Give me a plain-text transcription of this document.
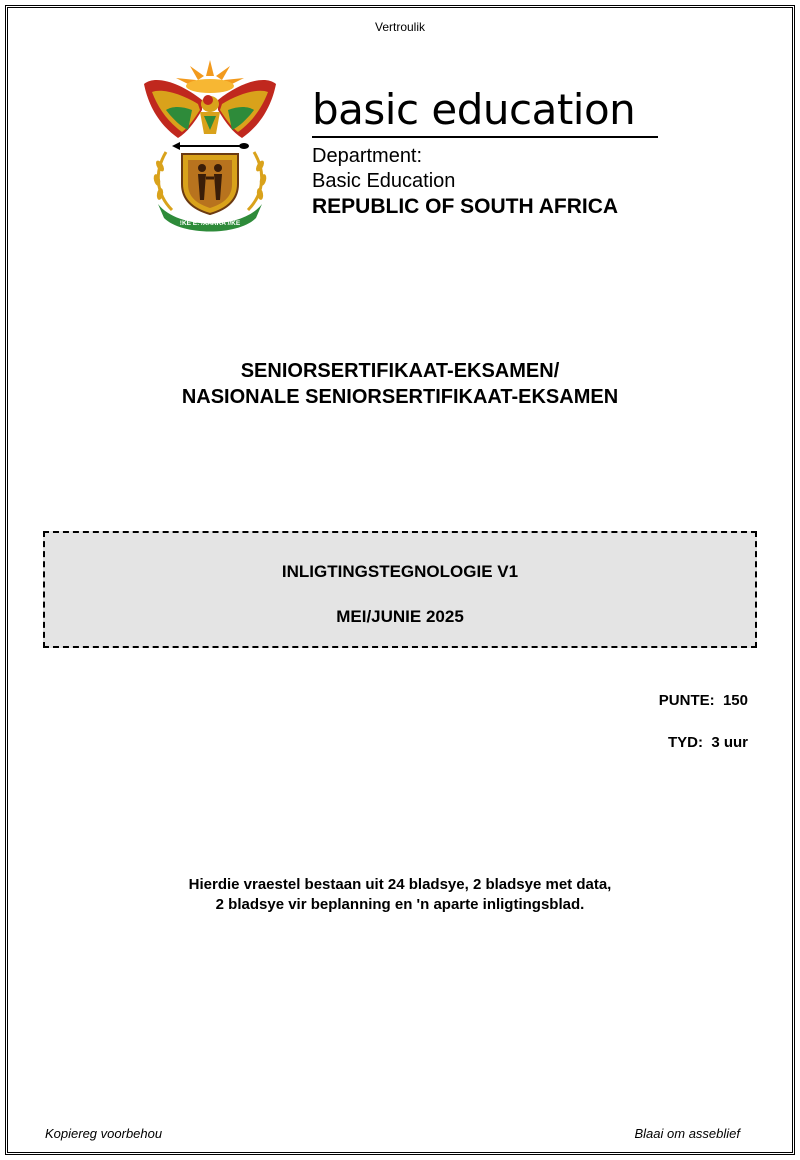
Vertroulik
!KE E: /XARRA //KE
basic education
Department:
Basic Education
REPUBLIC OF SOUTH AFRICA
SENIORSERTIFIKAAT-EKSAMEN/
NASIONALE SENIORSERTIFIKAAT-EKSAMEN
INLIGTINGSTEGNOLOGIE V1
MEI/JUNIE 2025
PUNTE:  150
TYD:  3 uur
Hierdie vraestel bestaan uit 24 bladsye, 2 bladsye met data,
2 bladsye vir beplanning en 'n aparte inligtingsblad.
Kopiereg voorbehou	Blaai om asseblief
